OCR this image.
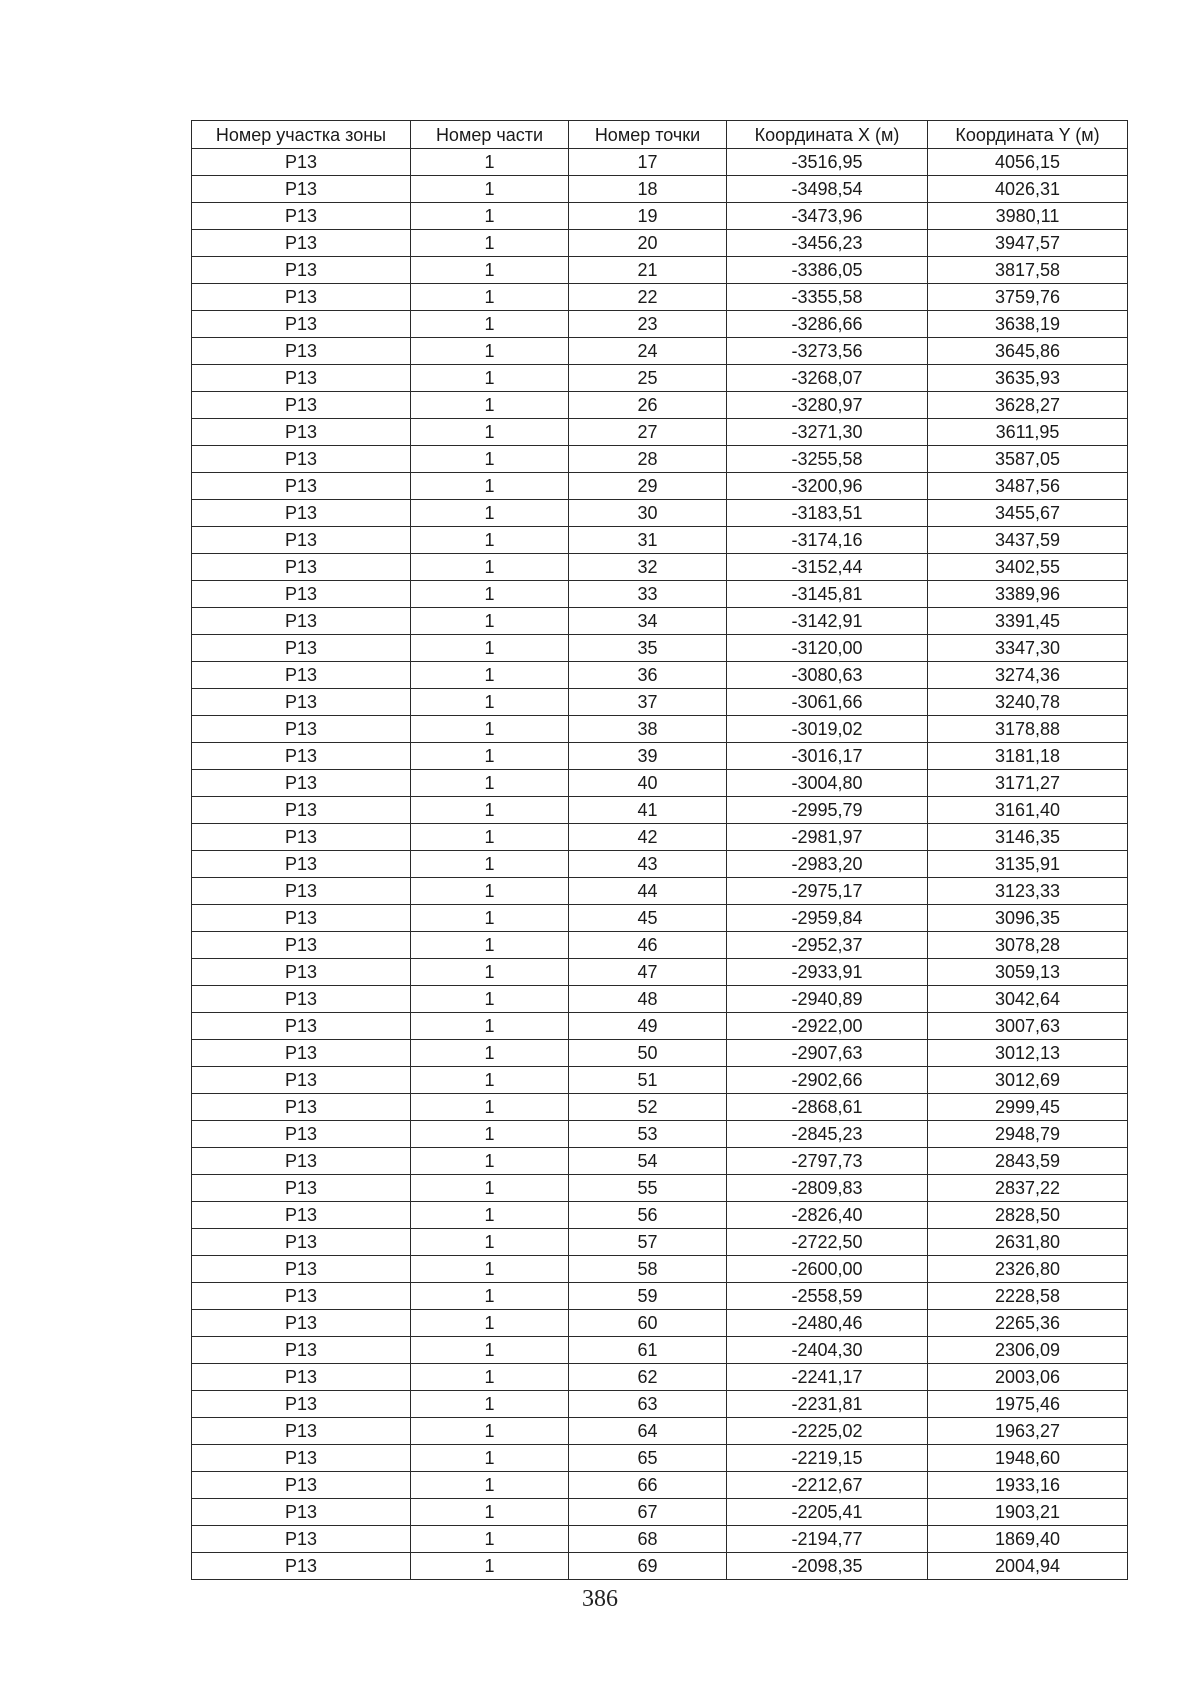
Номер участка зоны	Номер части	Номер точки	Координата X (м)	Координата Y (м)
Р13	1	17	-3516,95	4056,15
Р13	1	18	-3498,54	4026,31
Р13	1	19	-3473,96	3980,11
Р13	1	20	-3456,23	3947,57
Р13	1	21	-3386,05	3817,58
Р13	1	22	-3355,58	3759,76
Р13	1	23	-3286,66	3638,19
Р13	1	24	-3273,56	3645,86
Р13	1	25	-3268,07	3635,93
Р13	1	26	-3280,97	3628,27
Р13	1	27	-3271,30	3611,95
Р13	1	28	-3255,58	3587,05
Р13	1	29	-3200,96	3487,56
Р13	1	30	-3183,51	3455,67
Р13	1	31	-3174,16	3437,59
Р13	1	32	-3152,44	3402,55
Р13	1	33	-3145,81	3389,96
Р13	1	34	-3142,91	3391,45
Р13	1	35	-3120,00	3347,30
Р13	1	36	-3080,63	3274,36
Р13	1	37	-3061,66	3240,78
Р13	1	38	-3019,02	3178,88
Р13	1	39	-3016,17	3181,18
Р13	1	40	-3004,80	3171,27
Р13	1	41	-2995,79	3161,40
Р13	1	42	-2981,97	3146,35
Р13	1	43	-2983,20	3135,91
Р13	1	44	-2975,17	3123,33
Р13	1	45	-2959,84	3096,35
Р13	1	46	-2952,37	3078,28
Р13	1	47	-2933,91	3059,13
Р13	1	48	-2940,89	3042,64
Р13	1	49	-2922,00	3007,63
Р13	1	50	-2907,63	3012,13
Р13	1	51	-2902,66	3012,69
Р13	1	52	-2868,61	2999,45
Р13	1	53	-2845,23	2948,79
Р13	1	54	-2797,73	2843,59
Р13	1	55	-2809,83	2837,22
Р13	1	56	-2826,40	2828,50
Р13	1	57	-2722,50	2631,80
Р13	1	58	-2600,00	2326,80
Р13	1	59	-2558,59	2228,58
Р13	1	60	-2480,46	2265,36
Р13	1	61	-2404,30	2306,09
Р13	1	62	-2241,17	2003,06
Р13	1	63	-2231,81	1975,46
Р13	1	64	-2225,02	1963,27
Р13	1	65	-2219,15	1948,60
Р13	1	66	-2212,67	1933,16
Р13	1	67	-2205,41	1903,21
Р13	1	68	-2194,77	1869,40
Р13	1	69	-2098,35	2004,94
386
